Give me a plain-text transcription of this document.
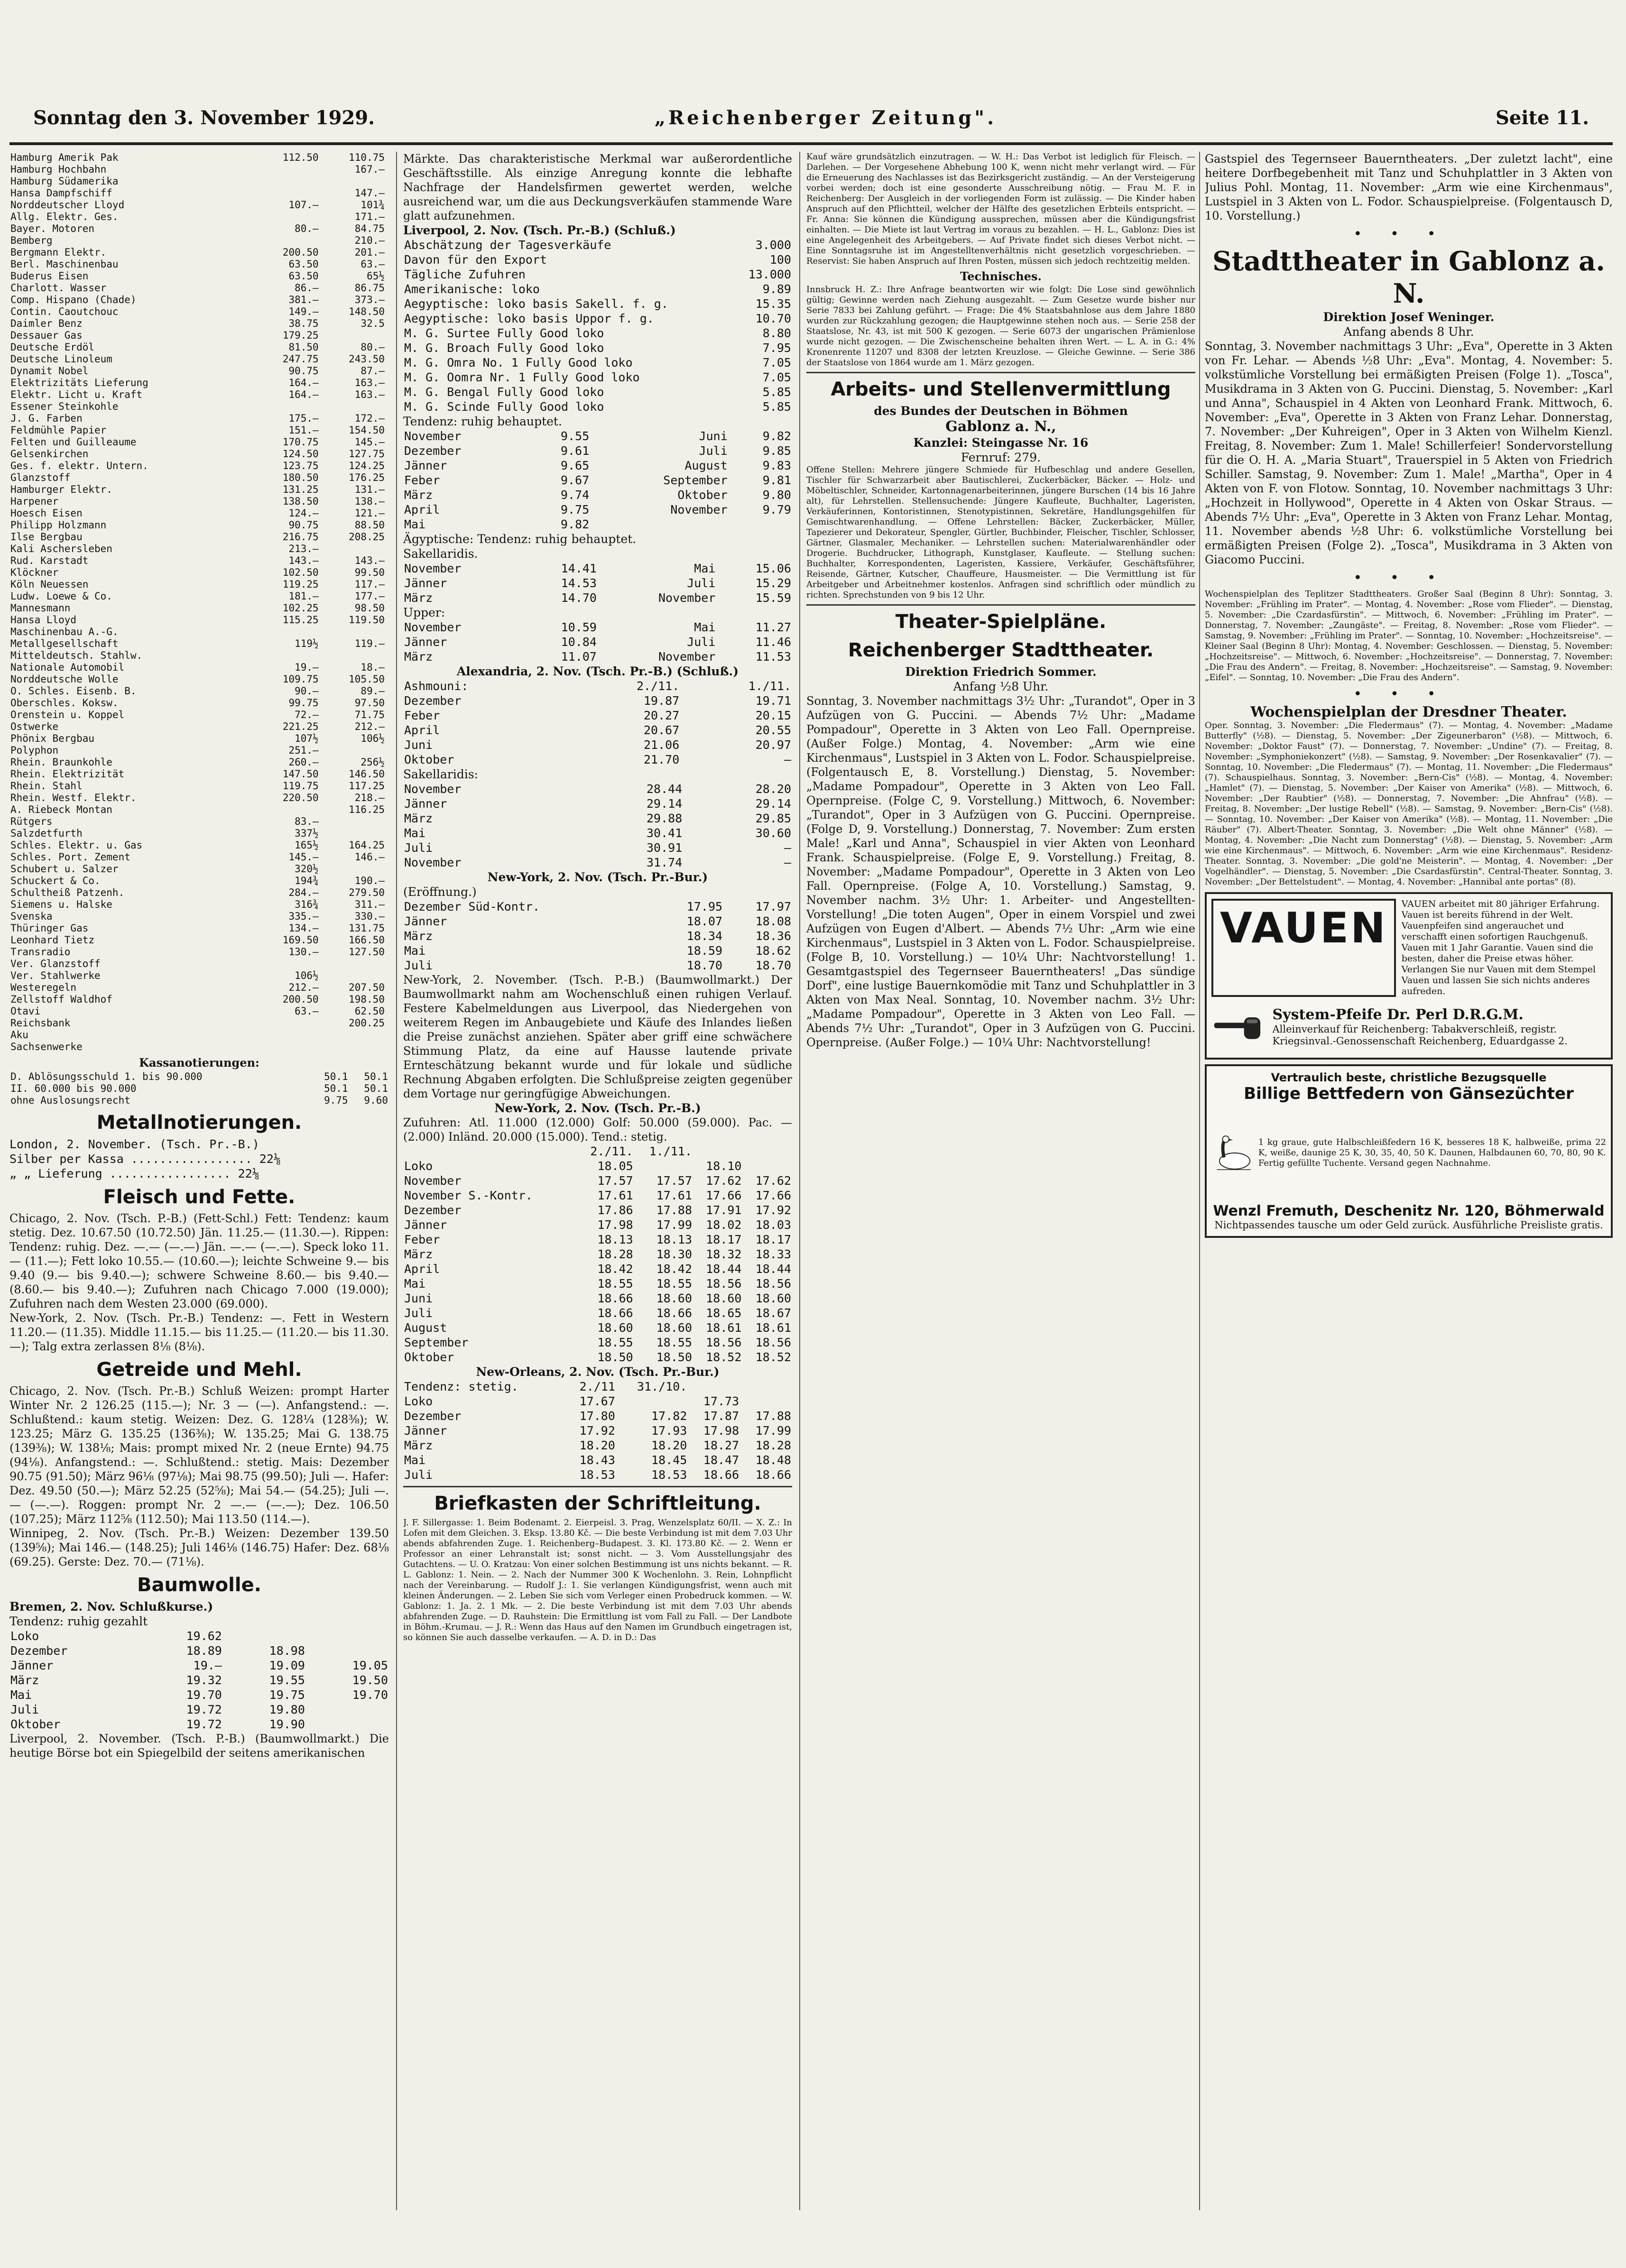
Sonntag den 3. November 1929.	„Reichenberger Zeitung".	Seite 11.
Hamburg Amerik Pak	112.50	110.75	
Hamburg Hochbahn		167.—	
Hamburg Südamerika			
Hansa Dampfschiff		147.—	
Norddeutscher Lloyd	107.—	101¾	
Allg. Elektr. Ges.		171.—	
Bayer. Motoren	80.—	84.75	
Bemberg		210.—	
Bergmann Elektr.	200.50	201.—	
Berl. Maschinenbau	63.50	63.—	
Buderus Eisen	63.50	65½	
Charlott. Wasser	86.—	86.75	
Comp. Hispano (Chade)	381.—	373.—	
Contin. Caoutchouc	149.—	148.50	
Daimler Benz	38.75	32.5	
Dessauer Gas	179.25		
Deutsche Erdöl	81.50	80.—	
Deutsche Linoleum	247.75	243.50	
Dynamit Nobel	90.75	87.—	
Elektrizitäts Lieferung	164.—	163.—	
Elektr. Licht u. Kraft	164.—	163.—	
Essener Steinkohle			
J. G. Farben	175.—	172.—	
Feldmühle Papier	151.—	154.50	
Felten und Guilleaume	170.75	145.—	
Gelsenkirchen	124.50	127.75	
Ges. f. elektr. Untern.	123.75	124.25	
Glanzstoff	180.50	176.25	
Hamburger Elektr.	131.25	131.—	
Harpener	138.50	138.—	
Hoesch Eisen	124.—	121.—	
Philipp Holzmann	90.75	88.50	
Ilse Bergbau	216.75	208.25	
Kali Aschersleben	213.—		
Rud. Karstadt	143.—	143.—	
Klöckner	102.50	99.50	
Köln Neuessen	119.25	117.—	
Ludw. Loewe & Co.	181.—	177.—	
Mannesmann	102.25	98.50	
Hansa Lloyd	115.25	119.50	
Maschinenbau A.-G.			
Metallgesellschaft	119½	119.—	
Mitteldeutsch. Stahlw.			
Nationale Automobil	19.—	18.—	
Norddeutsche Wolle	109.75	105.50	
O. Schles. Eisenb. B.	90.—	89.—	
Oberschles. Koksw.	99.75	97.50	
Orenstein u. Koppel	72.—	71.75	
Ostwerke	221.25	212.—	
Phönix Bergbau	107½	106½	
Polyphon	251.—		
Rhein. Braunkohle	260.—	256½	
Rhein. Elektrizität	147.50	146.50	
Rhein. Stahl	119.75	117.25	
Rhein. Westf. Elektr.	220.50	218.—	
A. Riebeck Montan		116.25	
Rütgers	83.—		
Salzdetfurth	337½		
Schles. Elektr. u. Gas	165½	164.25	
Schles. Port. Zement	145.—	146.—	
Schubert u. Salzer	320½		
Schuckert & Co.	194¾	190.—	
Schultheiß Patzenh.	284.—	279.50	
Siemens u. Halske	316¾	311.—	
Svenska	335.—	330.—	
Thüringer Gas	134.—	131.75	
Leonhard Tietz	169.50	166.50	
Transradio	130.—	127.50	
Ver. Glanzstoff			
Ver. Stahlwerke	106½		
Westeregeln	212.—	207.50	
Zellstoff Waldhof	200.50	198.50	
Otavi	63.—	62.50	
Reichsbank		200.25	
Aku			
Sachsenwerke			
Kassanotierungen:
D. Ablösungsschuld 1. bis 90.000	50.1	50.1
II. 60.000 bis 90.000	50.1	50.1
ohne Auslosungsrecht	9.75	9.60
Metallnotierungen.
London, 2. November. (Tsch. Pr.-B.)
Silber per Kassa ................. 22⅛
„ „ Lieferung ................. 22⅛
Fleisch und Fette.
Chicago, 2. Nov. (Tsch. P.-B.) (Fett-Schl.) Fett: Tendenz: kaum stetig. Dez. 10.67.50 (10.72.50) Jän. 11.25.— (11.30.—). Rippen: Tendenz: ruhig. Dez. —.— (—.—) Jän. —.— (—.—). Speck loko 11.— (11.—); Fett loko 10.55.— (10.60.—); leichte Schweine 9.— bis 9.40 (9.— bis 9.40.—); schwere Schweine 8.60.— bis 9.40.— (8.60.— bis 9.40.—); Zufuhren nach Chicago 7.000 (19.000); Zufuhren nach dem Westen 23.000 (69.000).
New-York, 2. Nov. (Tsch. Pr.-B.) Tendenz: —. Fett in Western 11.20.— (11.35). Middle 11.15.— bis 11.25.— (11.20.— bis 11.30.—); Talg extra zerlassen 8⅛ (8⅛).
Getreide und Mehl.
Chicago, 2. Nov. (Tsch. Pr.-B.) Schluß Weizen: prompt Harter Winter Nr. 2 126.25 (115.—); Nr. 3 — (—). Anfangstend.: —. Schlußtend.: kaum stetig. Weizen: Dez. G. 128¼ (128⅜); W. 123.25; März G. 135.25 (136⅜); W. 135.25; Mai G. 138.75 (139⅜); W. 138⅛; Mais: prompt mixed Nr. 2 (neue Ernte) 94.75 (94⅛). Anfangstend.: —. Schlußtend.: stetig. Mais: Dezember 90.75 (91.50); März 96⅛ (97⅛); Mai 98.75 (99.50); Juli —. Hafer: Dez. 49.50 (50.—); März 52.25 (52⅝); Mai 54.— (54.25); Juli —.— (—.—). Roggen: prompt Nr. 2 —.— (—.—); Dez. 106.50 (107.25); März 112⅝ (112.50); Mai 113.50 (114.—).
Winnipeg, 2. Nov. (Tsch. Pr.-B.) Weizen: Dezember 139.50 (139⅝); Mai 146.— (148.25); Juli 146⅛ (146.75) Hafer: Dez. 68⅛ (69.25). Gerste: Dez. 70.— (71⅛).
Baumwolle.
Bremen, 2. Nov. Schlußkurse.)
Tendenz: ruhig gezahlt
Loko	19.62		
Dezember	18.89	18.98	
Jänner	19.—	19.09	19.05
März	19.32	19.55	19.50
Mai	19.70	19.75	19.70
Juli	19.72	19.80	
Oktober	19.72	19.90	
Liverpool, 2. November. (Tsch. P.-B.) (Baumwollmarkt.) Die heutige Börse bot ein Spiegelbild der seitens amerikanischen
Märkte. Das charakteristische Merkmal war außerordentliche Geschäftsstille. Als einzige Anregung konnte die lebhafte Nachfrage der Handelsfirmen gewertet werden, welche ausreichend war, um die aus Deckungsverkäufen stammende Ware glatt aufzunehmen.
Liverpool, 2. Nov. (Tsch. Pr.-B.) (Schluß.)
Abschätzung der Tagesverkäufe	3.000
Davon für den Export	100
Tägliche Zufuhren	13.000
Amerikanische: loko	9.89
Aegyptische: loko basis Sakell. f. g.	15.35
Aegyptische: loko basis Uppor f. g.	10.70
M. G. Surtee Fully Good loko	8.80
M. G. Broach Fully Good loko	7.95
M. G. Omra No. 1 Fully Good loko	7.05
M. G. Oomra Nr. 1 Fully Good loko	7.05
M. G. Bengal Fully Good loko	5.85
M. G. Scinde Fully Good loko	5.85
Tendenz: ruhig behauptet.
November	9.55	Juni	9.82
Dezember	9.61	Juli	9.85
Jänner	9.65	August	9.83
Feber	9.67	September	9.81
März	9.74	Oktober	9.80
April	9.75	November	9.79
Mai	9.82		
Ägyptische: Tendenz: ruhig behauptet.
Sakellaridis.
November	14.41	Mai	15.06
Jänner	14.53	Juli	15.29
März	14.70	November	15.59
Upper:
November	10.59	Mai	11.27
Jänner	10.84	Juli	11.46
März	11.07	November	11.53
Alexandria, 2. Nov. (Tsch. Pr.-B.) (Schluß.)
Ashmouni:	2./11.	1./11.
Dezember	19.87	19.71
Feber	20.27	20.15
April	20.67	20.55
Juni	21.06	20.97
Oktober	21.70	—
Sakellaridis:
November	28.44	28.20
Jänner	29.14	29.14
März	29.88	29.85
Mai	30.41	30.60
Juli	30.91	—
November	31.74	—
New-York, 2. Nov. (Tsch. Pr.-Bur.)
(Eröffnung.)
Dezember Süd-Kontr.	17.95	17.97
Jänner	18.07	18.08
März	18.34	18.36
Mai	18.59	18.62
Juli	18.70	18.70
New-York, 2. November. (Tsch. P.-B.) (Baumwollmarkt.) Der Baumwollmarkt nahm am Wochenschluß einen ruhigen Verlauf. Festere Kabelmeldungen aus Liverpool, das Niedergehen von weiterem Regen im Anbaugebiete und Käufe des Inlandes ließen die Preise zunächst anziehen. Später aber griff eine schwächere Stimmung Platz, da eine auf Hausse lautende private Ernteschätzung bekannt wurde und für lokale und südliche Rechnung Abgaben erfolgten. Die Schlußpreise zeigten gegenüber dem Vortage nur geringfügige Abweichungen.
New-York, 2. Nov. (Tsch. Pr.-B.)
Zufuhren: Atl. 11.000 (12.000) Golf: 50.000 (59.000). Pac. — (2.000) Inländ. 20.000 (15.000). Tend.: stetig.
	2./11.	1./11.		
Loko	18.05		18.10	
November	17.57	17.57	17.62	17.62
November S.-Kontr.	17.61	17.61	17.66	17.66
Dezember	17.86	17.88	17.91	17.92
Jänner	17.98	17.99	18.02	18.03
Feber	18.13	18.13	18.17	18.17
März	18.28	18.30	18.32	18.33
April	18.42	18.42	18.44	18.44
Mai	18.55	18.55	18.56	18.56
Juni	18.66	18.60	18.60	18.60
Juli	18.66	18.66	18.65	18.67
August	18.60	18.60	18.61	18.61
September	18.55	18.55	18.56	18.56
Oktober	18.50	18.50	18.52	18.52
New-Orleans, 2. Nov. (Tsch. Pr.-Bur.)
Tendenz: stetig.	2./11	31./10.		
Loko	17.67		17.73	
Dezember	17.80	17.82	17.87	17.88
Jänner	17.92	17.93	17.98	17.99
März	18.20	18.20	18.27	18.28
Mai	18.43	18.45	18.47	18.48
Juli	18.53	18.53	18.66	18.66
Briefkasten der Schriftleitung.
J. F. Sillergasse: 1. Beim Bodenamt. 2. Eierpeisl. 3. Prag, Wenzelsplatz 60/II. — X. Z.: In Lofen mit dem Gleichen. 3. Eksp. 13.80 Kč. — Die beste Verbindung ist mit dem 7.03 Uhr abends abfahrenden Zuge. 1. Reichenberg–Budapest. 3. Kl. 173.80 Kč. — 2. Wenn er Professor an einer Lehranstalt ist; sonst nicht. — 3. Vom Ausstellungsjahr des Gutachtens. — U. O. Kratzau: Von einer solchen Bestimmung ist uns nichts bekannt. — R. L. Gablonz: 1. Nein. — 2. Nach der Nummer 300 K Wochenlohn. 3. Rein, Lohnpflicht nach der Vereinbarung. — Rudolf J.: 1. Sie verlangen Kündigungsfrist, wenn auch mit kleinen Änderungen. — 2. Leben Sie sich vom Verleger einen Probedruck kommen. — W. Gablonz: 1. Ja. 2. 1 Mk. — 2. Die beste Verbindung ist mit dem 7.03 Uhr abends abfahrenden Zuge. — D. Rauhstein: Die Ermittlung ist vom Fall zu Fall. — Der Landbote in Böhm.-Krumau. — J. R.: Wenn das Haus auf den Namen im Grundbuch eingetragen ist, so können Sie auch dasselbe verkaufen. — A. D. in D.: Das
Kauf wäre grundsätzlich einzutragen. — W. H.: Das Verbot ist lediglich für Fleisch. — Darlehen. — Der Vorgesehene Abhebung 100 K, wenn nicht mehr verlangt wird. — Für die Erneuerung des Nachlasses ist das Bezirksgericht zuständig. — An der Versteigerung vorbei werden; doch ist eine gesonderte Ausschreibung nötig. — Frau M. F. in Reichenberg: Der Ausgleich in der vorliegenden Form ist zulässig. — Die Kinder haben Anspruch auf den Pflichtteil, welcher der Hälfte des gesetzlichen Erbteils entspricht. — Fr. Anna: Sie können die Kündigung aussprechen, müssen aber die Kündigungsfrist einhalten. — Die Miete ist laut Vertrag im voraus zu bezahlen. — H. L., Gablonz: Dies ist eine Angelegenheit des Arbeitgebers. — Auf Private findet sich dieses Verbot nicht. — Eine Sonntagsruhe ist im Angestelltenverhältnis nicht gesetzlich vorgeschrieben. — Reservist: Sie haben Anspruch auf Ihren Posten, müssen sich jedoch rechtzeitig melden.
Technisches.
Innsbruck H. Z.: Ihre Anfrage beantworten wir wie folgt: Die Lose sind gewöhnlich gültig; Gewinne werden nach Ziehung ausgezahlt. — Zum Gesetze wurde bisher nur Serie 7833 bei Zahlung geführt. — Frage: Die 4% Staatsbahnlose aus dem Jahre 1880 wurden zur Rückzahlung gezogen; die Hauptgewinne stehen noch aus. — Serie 258 der Staatslose, Nr. 43, ist mit 500 K gezogen. — Serie 6073 der ungarischen Prämienlose wurde nicht gezogen. — Die Zwischenscheine behalten ihren Wert. — L. A. in G.: 4% Kronenrente 11207 und 8308 der letzten Kreuzlose. — Gleiche Gewinne. — Serie 386 der Staatslose von 1864 wurde am 1. März gezogen.
Arbeits- und Stellenvermittlung
des Bundes der Deutschen in Böhmen
Gablonz a. N.,
Kanzlei: Steingasse Nr. 16
Fernruf: 279.
Offene Stellen: Mehrere jüngere Schmiede für Hufbeschlag und andere Gesellen, Tischler für Schwarzarbeit aber Bautischlerei, Zuckerbäcker, Bäcker. — Holz- und Möbeltischler, Schneider, Kartonnagenarbeiterinnen, jüngere Burschen (14 bis 16 Jahre alt), für Lehrstellen. Stellensuchende: Jüngere Kaufleute, Buchhalter, Lageristen, Verkäuferinnen, Kontoristinnen, Stenotypistinnen, Sekretäre, Handlungsgehilfen für Gemischtwarenhandlung. — Offene Lehrstellen: Bäcker, Zuckerbäcker, Müller, Tapezierer und Dekorateur, Spengler, Gürtler, Buchbinder, Fleischer, Tischler, Schlosser, Gärtner, Glasmaler, Mechaniker. — Lehrstellen suchen: Materialwarenhändler oder Drogerie. Buchdrucker, Lithograph, Kunstglaser, Kaufleute. — Stellung suchen: Buchhalter, Korrespondenten, Lageristen, Kassiere, Verkäufer, Geschäftsführer, Reisende, Gärtner, Kutscher, Chauffeure, Hausmeister. — Die Vermittlung ist für Arbeitgeber und Arbeitnehmer kostenlos. Anfragen sind schriftlich oder mündlich zu richten. Sprechstunden von 9 bis 12 Uhr.
Theater-Spielpläne.
Reichenberger Stadttheater.
Direktion Friedrich Sommer.
Anfang ½8 Uhr.
Sonntag, 3. November nachmittags 3½ Uhr: „Turandot", Oper in 3 Aufzügen von G. Puccini. — Abends 7½ Uhr: „Madame Pompadour", Operette in 3 Akten von Leo Fall. Opernpreise. (Außer Folge.) Montag, 4. November: „Arm wie eine Kirchenmaus", Lustspiel in 3 Akten von L. Fodor. Schauspielpreise. (Folgentausch E, 8. Vorstellung.) Dienstag, 5. November: „Madame Pompadour", Operette in 3 Akten von Leo Fall. Opernpreise. (Folge C, 9. Vorstellung.) Mittwoch, 6. November: „Turandot", Oper in 3 Aufzügen von G. Puccini. Opernpreise. (Folge D, 9. Vorstellung.) Donnerstag, 7. November: Zum ersten Male! „Karl und Anna", Schauspiel in vier Akten von Leonhard Frank. Schauspielpreise. (Folge E, 9. Vorstellung.) Freitag, 8. November: „Madame Pompadour", Operette in 3 Akten von Leo Fall. Opernpreise. (Folge A, 10. Vorstellung.) Samstag, 9. November nachm. 3½ Uhr: 1. Arbeiter- und Angestellten-Vorstellung! „Die toten Augen", Oper in einem Vorspiel und zwei Aufzügen von Eugen d'Albert. — Abends 7½ Uhr: „Arm wie eine Kirchenmaus", Lustspiel in 3 Akten von L. Fodor. Schauspielpreise. (Folge B, 10. Vorstellung.) — 10¼ Uhr: Nachtvorstellung! 1. Gesamtgastspiel des Tegernseer Bauerntheaters! „Das sündige Dorf", eine lustige Bauernkomödie mit Tanz und Schuhplattler in 3 Akten von Max Neal. Sonntag, 10. November nachm. 3½ Uhr: „Madame Pompadour", Operette in 3 Akten von Leo Fall. — Abends 7½ Uhr: „Turandot", Oper in 3 Aufzügen von G. Puccini. Opernpreise. (Außer Folge.) — 10¼ Uhr: Nachtvorstellung!
Gastspiel des Tegernseer Bauerntheaters. „Der zuletzt lacht", eine heitere Dorfbegebenheit mit Tanz und Schuhplattler in 3 Akten von Julius Pohl. Montag, 11. November: „Arm wie eine Kirchenmaus", Lustspiel in 3 Akten von L. Fodor. Schauspielpreise. (Folgentausch D, 10. Vorstellung.)
•••
Stadttheater in Gablonz a. N.
Direktion Josef Weninger.
Anfang abends 8 Uhr.
Sonntag, 3. November nachmittags 3 Uhr: „Eva", Operette in 3 Akten von Fr. Lehar. — Abends ½8 Uhr: „Eva". Montag, 4. November: 5. volkstümliche Vorstellung bei ermäßigten Preisen (Folge 1). „Tosca", Musikdrama in 3 Akten von G. Puccini. Dienstag, 5. November: „Karl und Anna", Schauspiel in 4 Akten von Leonhard Frank. Mittwoch, 6. November: „Eva", Operette in 3 Akten von Franz Lehar. Donnerstag, 7. November: „Der Kuhreigen", Oper in 3 Akten von Wilhelm Kienzl. Freitag, 8. November: Zum 1. Male! Schillerfeier! Sondervorstellung für die O. H. A. „Maria Stuart", Trauerspiel in 5 Akten von Friedrich Schiller. Samstag, 9. November: Zum 1. Male! „Martha", Oper in 4 Akten von F. von Flotow. Sonntag, 10. November nachmittags 3 Uhr: „Hochzeit in Hollywood", Operette in 4 Akten von Oskar Straus. — Abends 7½ Uhr: „Eva", Operette in 3 Akten von Franz Lehar. Montag, 11. November abends ½8 Uhr: 6. volkstümliche Vorstellung bei ermäßigten Preisen (Folge 2). „Tosca", Musikdrama in 3 Akten von Giacomo Puccini.
•••
Wochenspielplan des Teplitzer Stadttheaters. Großer Saal (Beginn 8 Uhr): Sonntag, 3. November: „Frühling im Prater". — Montag, 4. November: „Rose vom Flieder". — Dienstag, 5. November: „Die Czardasfürstin". — Mittwoch, 6. November: „Frühling im Prater". — Donnerstag, 7. November: „Zaungäste". — Freitag, 8. November: „Rose vom Flieder". — Samstag, 9. November: „Frühling im Prater". — Sonntag, 10. November: „Hochzeitsreise". — Kleiner Saal (Beginn 8 Uhr): Montag, 4. November: Geschlossen. — Dienstag, 5. November: „Hochzeitsreise". — Mittwoch, 6. November: „Hochzeitsreise". — Donnerstag, 7. November: „Die Frau des Andern". — Freitag, 8. November: „Hochzeitsreise". — Samstag, 9. November: „Eifel". — Sonntag, 10. November: „Die Frau des Andern".
•••
Wochenspielplan der Dresdner Theater.
Oper. Sonntag, 3. November: „Die Fledermaus" (7). — Montag, 4. November: „Madame Butterfly" (½8). — Dienstag, 5. November: „Der Zigeunerbaron" (½8). — Mittwoch, 6. November: „Doktor Faust" (7). — Donnerstag, 7. November: „Undine" (7). — Freitag, 8. November: „Symphoniekonzert" (½8). — Samstag, 9. November: „Der Rosenkavalier" (7). — Sonntag, 10. November: „Die Fledermaus" (7). — Montag, 11. November: „Die Fledermaus" (7). Schauspielhaus. Sonntag, 3. November: „Bern-Cis" (½8). — Montag, 4. November: „Hamlet" (7). — Dienstag, 5. November: „Der Kaiser von Amerika" (½8). — Mittwoch, 6. November: „Der Raubtier" (½8). — Donnerstag, 7. November: „Die Ahnfrau" (½8). — Freitag, 8. November: „Der lustige Rebell" (½8). — Samstag, 9. November: „Bern-Cis" (½8). — Sonntag, 10. November: „Der Kaiser von Amerika" (½8). — Montag, 11. November: „Die Räuber" (7). Albert-Theater. Sonntag, 3. November: „Die Welt ohne Männer" (½8). — Montag, 4. November: „Die Nacht zum Donnerstag" (½8). — Dienstag, 5. November: „Arm wie eine Kirchenmaus". — Mittwoch, 6. November: „Arm wie eine Kirchenmaus". Residenz-Theater. Sonntag, 3. November: „Die gold'ne Meisterin". — Montag, 4. November: „Der Vogelhändler". — Dienstag, 5. November: „Die Csardasfürstin". Central-Theater. Sonntag, 3. November: „Der Bettelstudent". — Montag, 4. November: „Hannibal ante portas" (8).
VAUEN	VAUEN arbeitet mit 80 jähriger Erfahrung. Vauen ist bereits führend in der Welt. Vauenpfeifen sind angerauchet und verschafft einen sofortigen Rauchgenuß. Vauen mit 1 Jahr Garantie. Vauen sind die besten, daher die Preise etwas höher. Verlangen Sie nur Vauen mit dem Stempel Vauen und lassen Sie sich nichts anderes aufreden.
System-Pfeife Dr. Perl D.R.G.M.
Alleinverkauf für Reichenberg: Tabakverschleiß, registr. Kriegsinval.-Genossenschaft Reichenberg, Eduardgasse 2.
Vertraulich beste, christliche Bezugsquelle
Billige Bettfedern von Gänsezüchter
1 kg graue, gute Halbschleißfedern 16 K, besseres 18 K, halbweiße, prima 22 K, weiße, daunige 25 K, 30, 35, 40, 50 K. Daunen, Halbdaunen 60, 70, 80, 90 K. Fertig gefüllte Tuchente. Versand gegen Nachnahme.
Wenzl Fremuth, Deschenitz Nr. 120, Böhmerwald
Nichtpassendes tausche um oder Geld zurück. Ausführliche Preisliste gratis.
